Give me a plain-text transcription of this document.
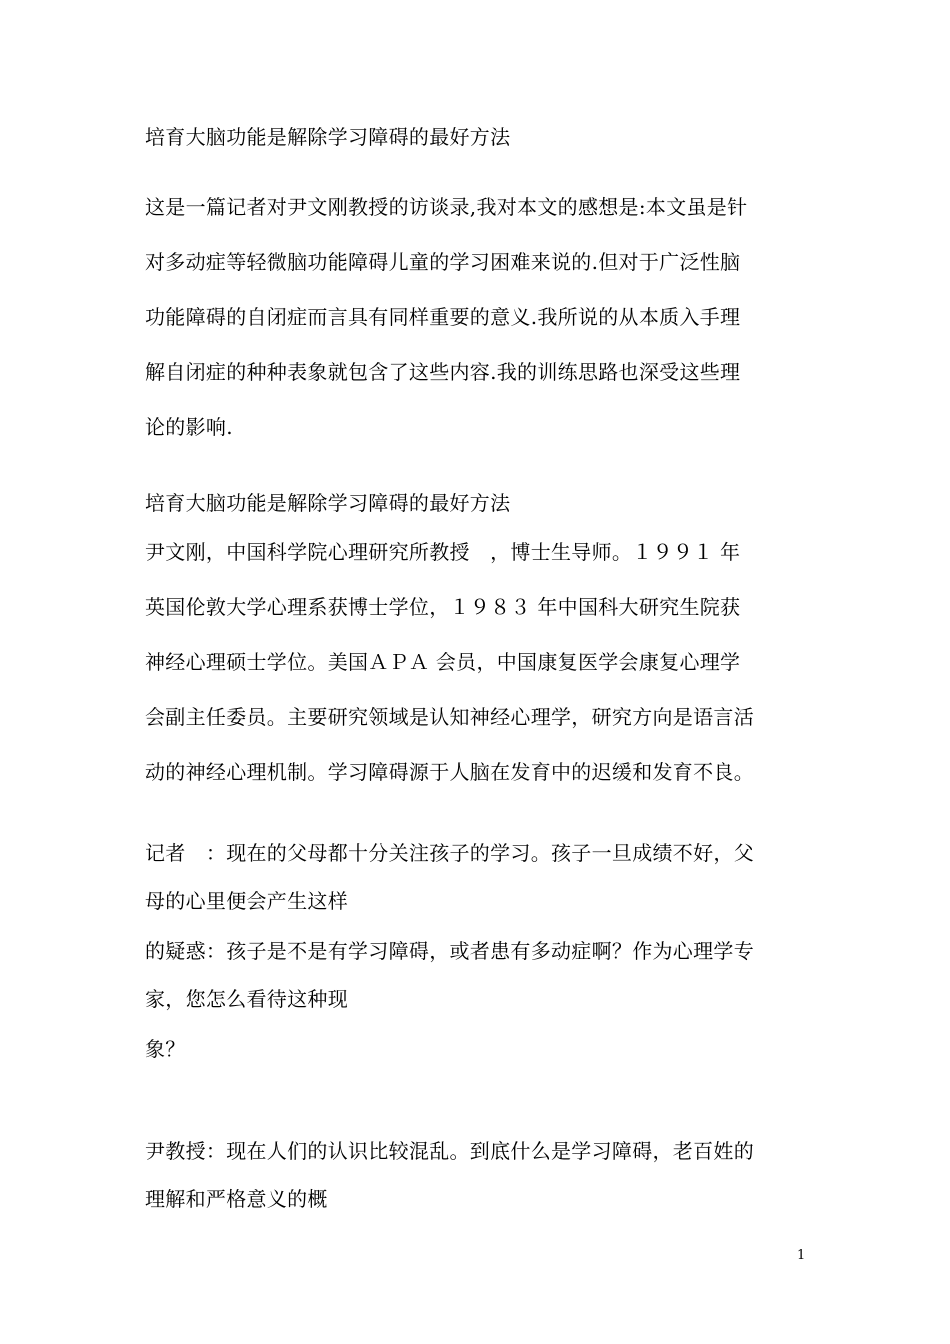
培育大脑功能是解除学习障碍的最好方法
这是一篇记者对尹文刚教授的访谈录,我对本文的感想是:本文虽是针
对多动症等轻微脑功能障碍儿童的学习困难来说的.但对于广泛性脑
功能障碍的自闭症而言具有同样重要的意义.我所说的从本质入手理
解自闭症的种种表象就包含了这些内容.我的训练思路也深受这些理
论的影响.
培育大脑功能是解除学习障碍的最好方法
尹文刚，中国科学院心理研究所教授　，博士生导师。１９９１ 年
英国伦敦大学心理系获博士学位，１９８３ 年中国科大研究生院获
神经心理硕士学位。美国ＡＰＡ 会员，中国康复医学会康复心理学
会副主任委员。主要研究领域是认知神经心理学，研究方向是语言活
动的神经心理机制。学习障碍源于人脑在发育中的迟缓和发育不良。
记者　：现在的父母都十分关注孩子的学习。孩子一旦成绩不好，父
母的心里便会产生这样
的疑惑：孩子是不是有学习障碍，或者患有多动症啊？作为心理学专
家，您怎么看待这种现
象？
尹教授：现在人们的认识比较混乱。到底什么是学习障碍，老百姓的
理解和严格意义的概
1
